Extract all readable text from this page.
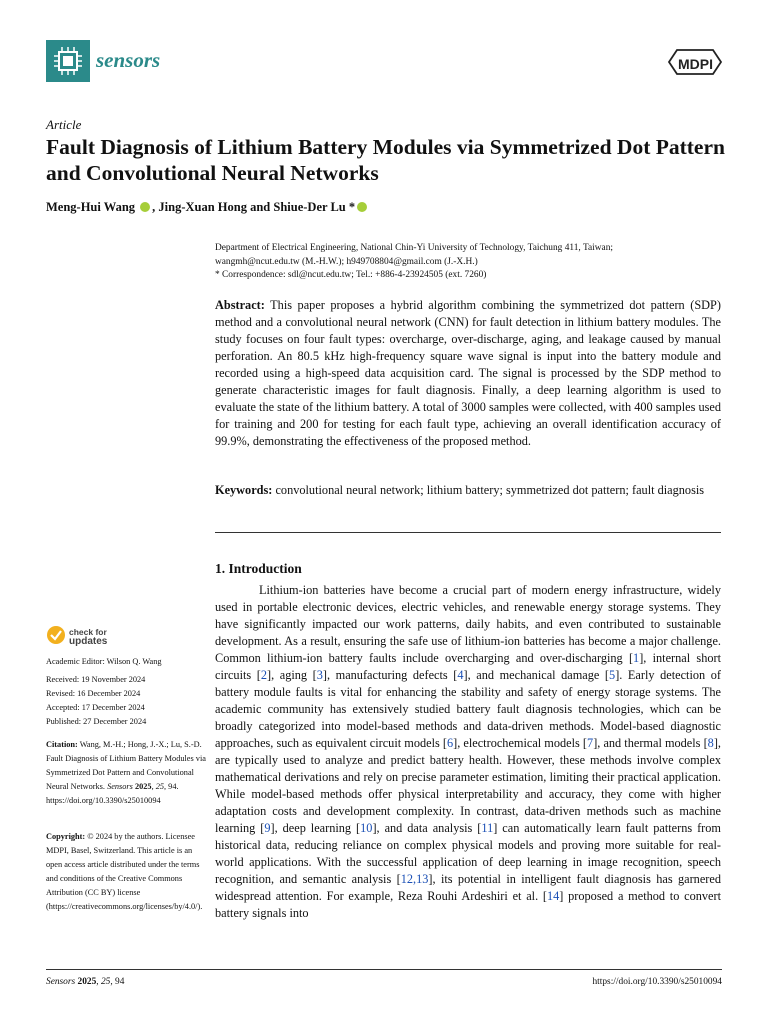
sensors	MDPI
Article
Fault Diagnosis of Lithium Battery Modules via Symmetrized Dot Pattern and Convolutional Neural Networks
Meng-Hui Wang , Jing-Xuan Hong and Shiue-Der Lu *
Department of Electrical Engineering, National Chin-Yi University of Technology, Taichung 411, Taiwan;
wangmh@ncut.edu.tw (M.-H.W.); h949708804@gmail.com (J.-X.H.)
* Correspondence: sdl@ncut.edu.tw; Tel.: +886-4-23924505 (ext. 7260)
Abstract: This paper proposes a hybrid algorithm combining the symmetrized dot pattern (SDP) method and a convolutional neural network (CNN) for fault detection in lithium battery modules. The study focuses on four fault types: overcharge, over-discharge, aging, and leakage caused by manual perforation. An 80.5 kHz high-frequency square wave signal is input into the battery module and recorded using a high-speed data acquisition card. The signal is processed by the SDP method to generate characteristic images for fault diagnosis. Finally, a deep learning algorithm is used to evaluate the state of the lithium battery. A total of 3000 samples were collected, with 400 samples used for training and 200 for testing for each fault type, achieving an overall identification accuracy of 99.9%, demonstrating the effectiveness of the proposed method.
Keywords: convolutional neural network; lithium battery; symmetrized dot pattern; fault diagnosis
1. Introduction
Lithium-ion batteries have become a crucial part of modern energy infrastructure, widely used in portable electronic devices, electric vehicles, and renewable energy storage systems. They have significantly impacted our work patterns, daily habits, and even contributed to sustainable development. As a result, ensuring the safe use of lithium-ion batteries has become a major challenge. Common lithium-ion battery faults include overcharging and over-discharging [1], internal short circuits [2], aging [3], manufacturing defects [4], and mechanical damage [5]. Early detection of battery module faults is vital for enhancing the stability and safety of energy storage systems. The academic community has extensively studied battery fault diagnosis technologies, which can be broadly categorized into model-based methods and data-driven methods. Model-based diagnostic approaches, such as equivalent circuit models [6], electrochemical models [7], and thermal models [8], are typically used to analyze and predict battery health. However, these methods involve complex mathematical derivations and rely on precise parameter estimation, limiting their practical application. While model-based methods offer physical interpretability and accuracy, they come with higher adaptation costs and development complexity. In contrast, data-driven methods such as machine learning [9], deep learning [10], and data analysis [11] can automatically learn fault patterns from historical data, reducing reliance on complex physical models and proving more suitable for real-world applications. With the successful application of deep learning in image recognition, speech recognition, and semantic analysis [12,13], its potential in intelligent fault diagnosis has garnered widespread attention. For example, Reza Rouhi Ardeshiri et al. [14] proposed a method to convert battery signals into
check for
updates
Academic Editor: Wilson Q. Wang
Received: 19 November 2024
Revised: 16 December 2024
Accepted: 17 December 2024
Published: 27 December 2024
Citation: Wang, M.-H.; Hong, J.-X.; Lu, S.-D. Fault Diagnosis of Lithium Battery Modules via Symmetrized Dot Pattern and Convolutional Neural Networks. Sensors 2025, 25, 94. https://doi.org/10.3390/s25010094
Copyright: © 2024 by the authors. Licensee MDPI, Basel, Switzerland. This article is an open access article distributed under the terms and conditions of the Creative Commons Attribution (CC BY) license (https://creativecommons.org/licenses/by/4.0/).
Sensors 2025, 25, 94	https://doi.org/10.3390/s25010094
